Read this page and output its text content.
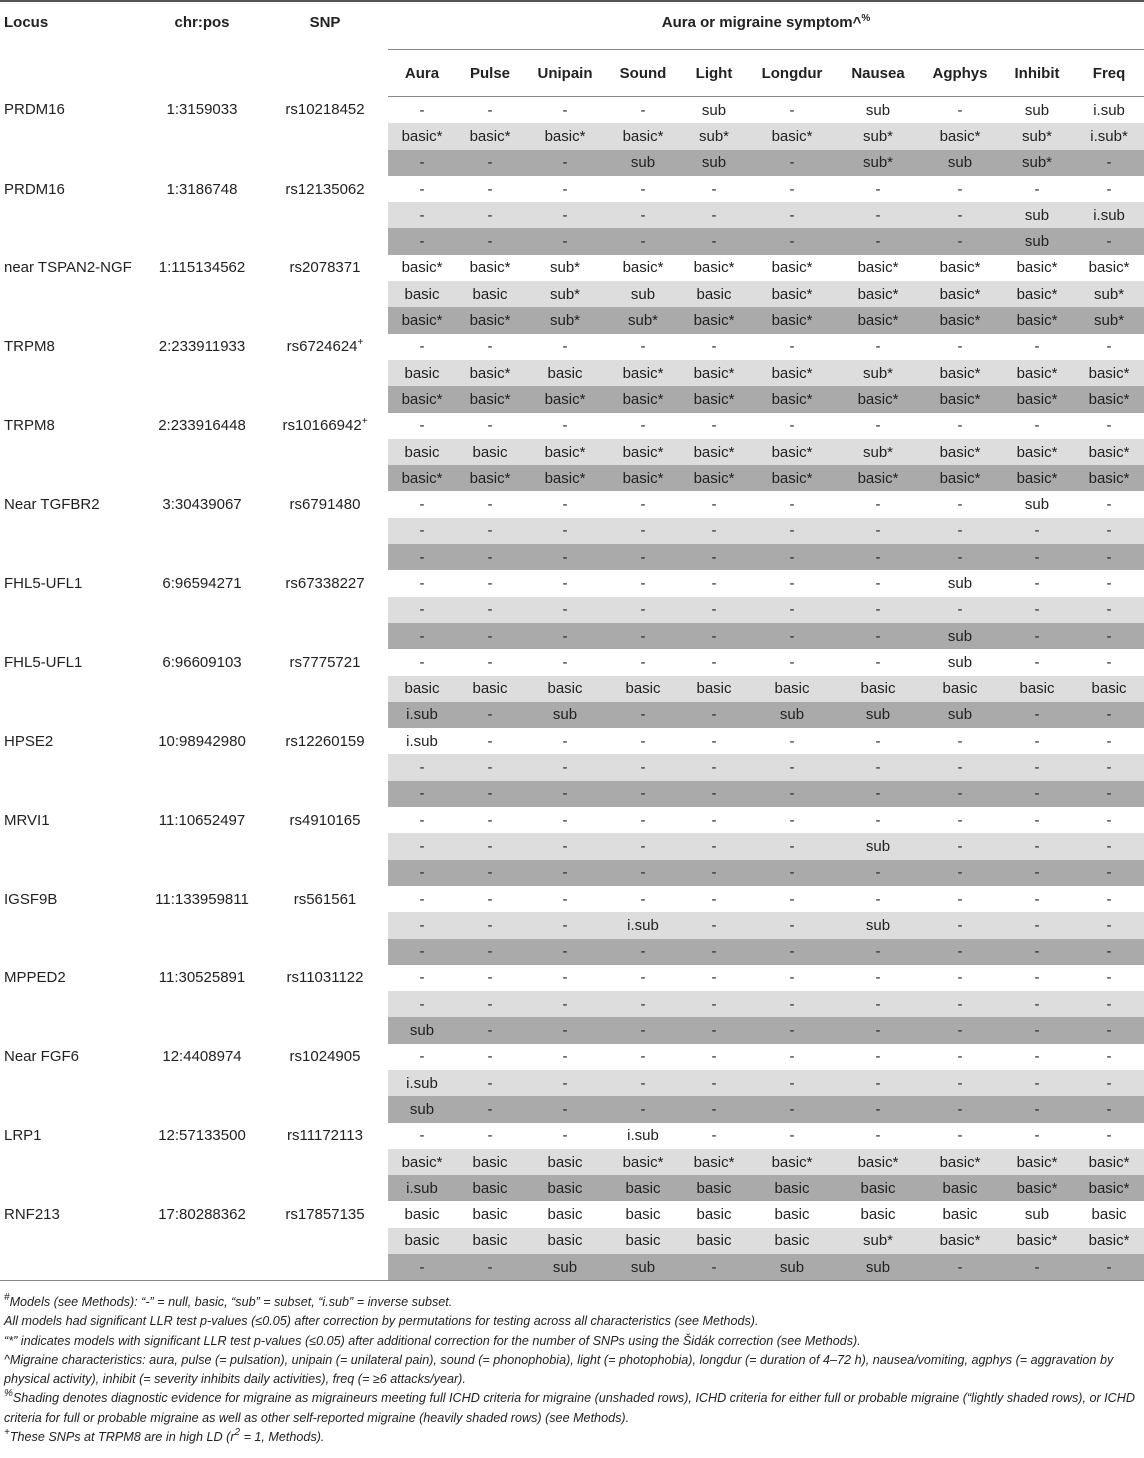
Locus	chr:pos	SNP	Aura or migraine symptom^%
			Aura	Pulse	Unipain	Sound	Light	Longdur	Nausea	Agphys	Inhibit	Freq
PRDM16	1:3159033	rs10218452	-	-	-	-	sub	-	sub	-	sub	i.sub
			basic*	basic*	basic*	basic*	sub*	basic*	sub*	basic*	sub*	i.sub*
			-	-	-	sub	sub	-	sub*	sub	sub*	-
PRDM16	1:3186748	rs12135062	-	-	-	-	-	-	-	-	-	-
			-	-	-	-	-	-	-	-	sub	i.sub
			-	-	-	-	-	-	-	-	sub	-
near TSPAN2-NGF	1:115134562	rs2078371	basic*	basic*	sub*	basic*	basic*	basic*	basic*	basic*	basic*	basic*
			basic	basic	sub*	sub	basic	basic*	basic*	basic*	basic*	sub*
			basic*	basic*	sub*	sub*	basic*	basic*	basic*	basic*	basic*	sub*
TRPM8	2:233911933	rs6724624+	-	-	-	-	-	-	-	-	-	-
			basic	basic*	basic	basic*	basic*	basic*	sub*	basic*	basic*	basic*
			basic*	basic*	basic*	basic*	basic*	basic*	basic*	basic*	basic*	basic*
TRPM8	2:233916448	rs10166942+	-	-	-	-	-	-	-	-	-	-
			basic	basic	basic*	basic*	basic*	basic*	sub*	basic*	basic*	basic*
			basic*	basic*	basic*	basic*	basic*	basic*	basic*	basic*	basic*	basic*
Near TGFBR2	3:30439067	rs6791480	-	-	-	-	-	-	-	-	sub	-
			-	-	-	-	-	-	-	-	-	-
			-	-	-	-	-	-	-	-	-	-
FHL5-UFL1	6:96594271	rs67338227	-	-	-	-	-	-	-	sub	-	-
			-	-	-	-	-	-	-	-	-	-
			-	-	-	-	-	-	-	sub	-	-
FHL5-UFL1	6:96609103	rs7775721	-	-	-	-	-	-	-	sub	-	-
			basic	basic	basic	basic	basic	basic	basic	basic	basic	basic
			i.sub	-	sub	-	-	sub	sub	sub	-	-
HPSE2	10:98942980	rs12260159	i.sub	-	-	-	-	-	-	-	-	-
			-	-	-	-	-	-	-	-	-	-
			-	-	-	-	-	-	-	-	-	-
MRVI1	11:10652497	rs4910165	-	-	-	-	-	-	-	-	-	-
			-	-	-	-	-	-	sub	-	-	-
			-	-	-	-	-	-	-	-	-	-
IGSF9B	11:133959811	rs561561	-	-	-	-	-	-	-	-	-	-
			-	-	-	i.sub	-	-	sub	-	-	-
			-	-	-	-	-	-	-	-	-	-
MPPED2	11:30525891	rs11031122	-	-	-	-	-	-	-	-	-	-
			-	-	-	-	-	-	-	-	-	-
			sub	-	-	-	-	-	-	-	-	-
Near FGF6	12:4408974	rs1024905	-	-	-	-	-	-	-	-	-	-
			i.sub	-	-	-	-	-	-	-	-	-
			sub	-	-	-	-	-	-	-	-	-
LRP1	12:57133500	rs11172113	-	-	-	i.sub	-	-	-	-	-	-
			basic*	basic	basic	basic*	basic*	basic*	basic*	basic*	basic*	basic*
			i.sub	basic	basic	basic	basic	basic	basic	basic	basic*	basic*
RNF213	17:80288362	rs17857135	basic	basic	basic	basic	basic	basic	basic	basic	sub	basic
			basic	basic	basic	basic	basic	basic	sub*	basic*	basic*	basic*
			-	-	sub	sub	-	sub	sub	-	-	-

#Models (see Methods): “-” = null, basic, “sub” = subset, “i.sub” = inverse subset.

All models had significant LLR test p-values (≤0.05) after correction by permutations for testing across all characteristics (see Methods).

“*” indicates models with significant LLR test p-values (≤0.05) after additional correction for the number of SNPs using the Šidák correction (see Methods).

^Migraine characteristics: aura, pulse (= pulsation), unipain (= unilateral pain), sound (= phonophobia), light (= photophobia), longdur (= duration of 4–72 h), nausea/vomiting, agphys (= aggravation by physical activity), inhibit (= severity inhibits daily activities), freq (= ≥6 attacks/year).

%Shading denotes diagnostic evidence for migraine as migraineurs meeting full ICHD criteria for migraine (unshaded rows), ICHD criteria for either full or probable migraine (“lightly shaded rows), or ICHD criteria for full or probable migraine as well as other self-reported migraine (heavily shaded rows) (see Methods).

+These SNPs at TRPM8 are in high LD ($r^2 = 1$, Methods).
